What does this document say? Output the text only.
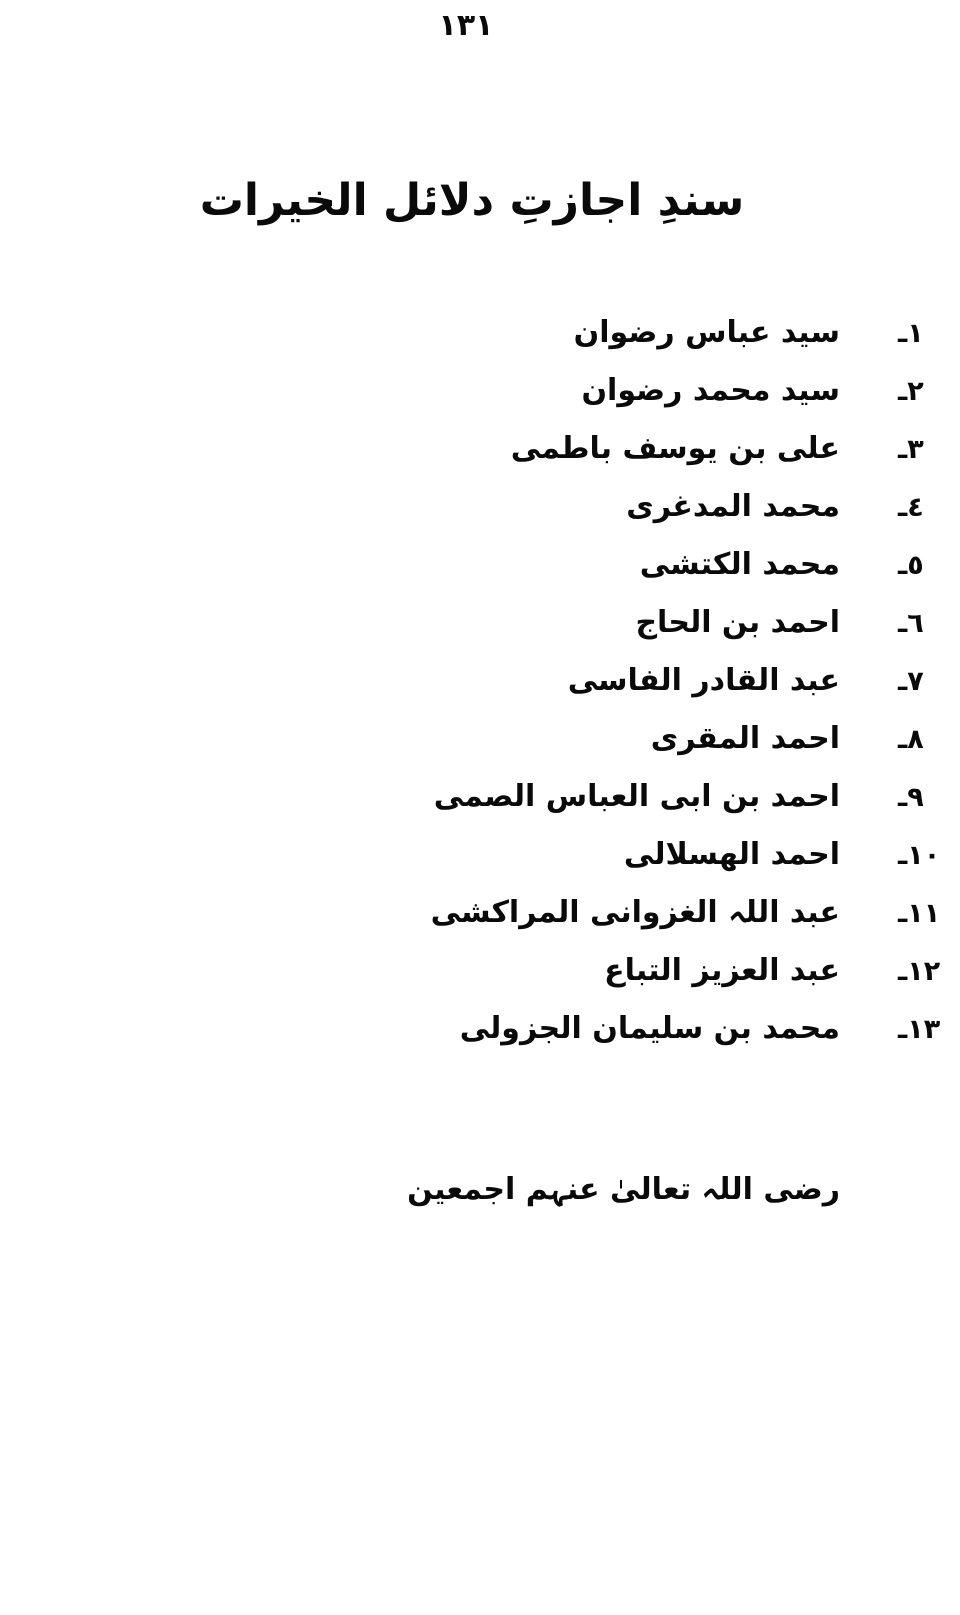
١٣١
سندِ اجازتِ دلائل الخیرات
١ـ
سید عباس رضوان
٢ـ
سید محمد رضوان
٣ـ
علی بن یوسف باطمی
٤ـ
محمد المدغری
٥ـ
محمد الکتشی
٦ـ
احمد بن الحاج
٧ـ
عبد القادر الفاسی
٨ـ
احمد المقری
٩ـ
احمد بن ابی العباس الصمی
١٠ـ
احمد الهسلالی
١١ـ
عبد اللہ الغزوانی المراکشی
١٢ـ
عبد العزیز التباع
١٣ـ
محمد بن سلیمان الجزولی
رضی اللہ تعالیٰ عنہم اجمعین
